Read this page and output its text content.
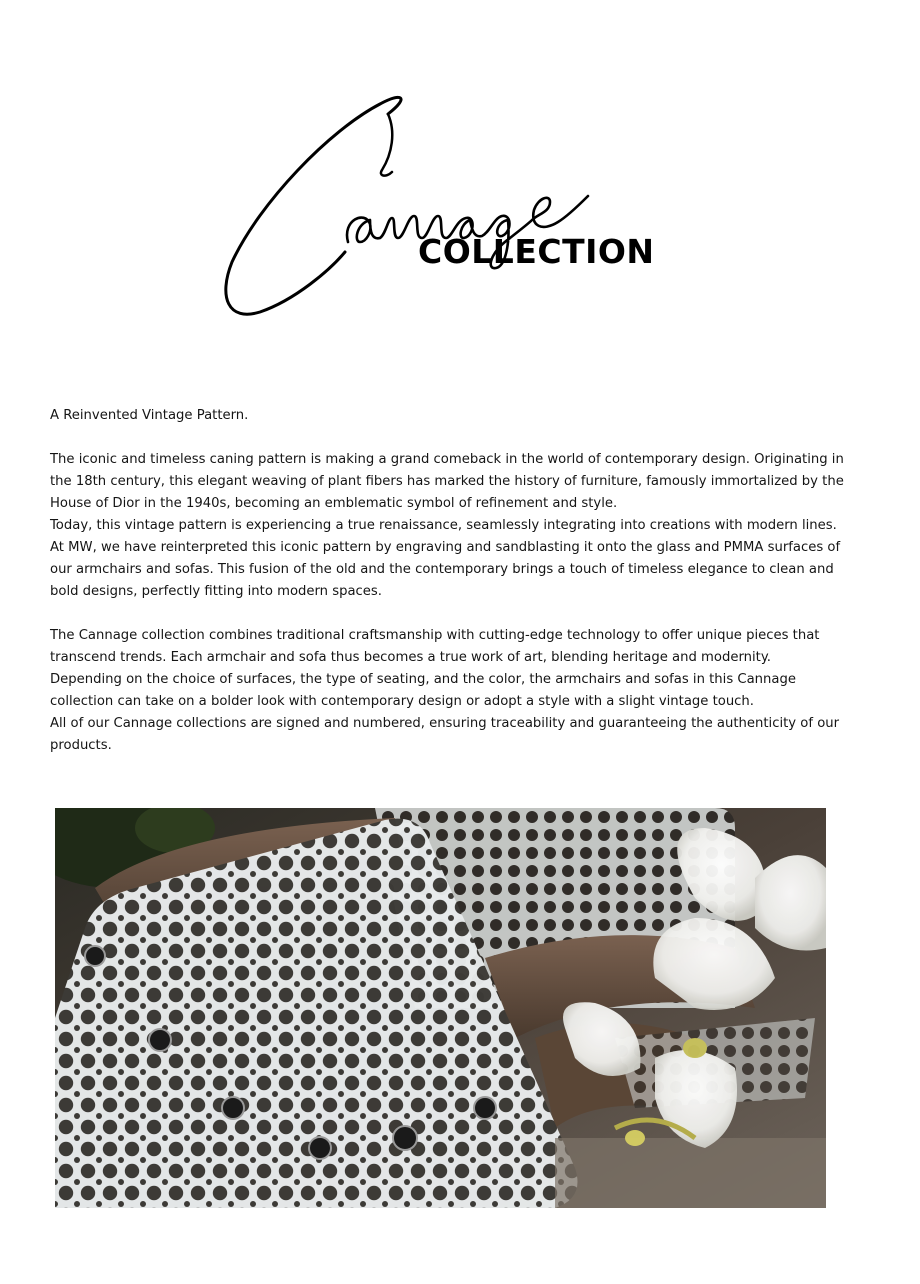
COLLECTION

A Reinvented Vintage Pattern.

The iconic and timeless caning pattern is making a grand comeback in the world of contemporary design. Originating in the 18th century, this elegant weaving of plant fibers has marked the history of furniture, famously immortalized by the House of Dior in the 1940s, becoming an emblematic symbol of refinement and style.

Today, this vintage pattern is experiencing a true renaissance, seamlessly integrating into creations with modern lines.

At MW, we have reinterpreted this iconic pattern by engraving and sandblasting it onto the glass and PMMA surfaces of our armchairs and sofas. This fusion of the old and the contemporary brings a touch of timeless elegance to clean and bold designs, perfectly fitting into modern spaces.

The Cannage collection combines traditional craftsmanship with cutting-edge technology to offer unique pieces that transcend trends. Each armchair and sofa thus becomes a true work of art, blending heritage and modernity.

Depending on the choice of surfaces, the type of seating, and the color, the armchairs and sofas in this Cannage collection can take on a bolder look with contemporary design or adopt a style with a slight vintage touch.

All of our Cannage collections are signed and numbered, ensuring traceability and guaranteeing the authenticity of our products.
